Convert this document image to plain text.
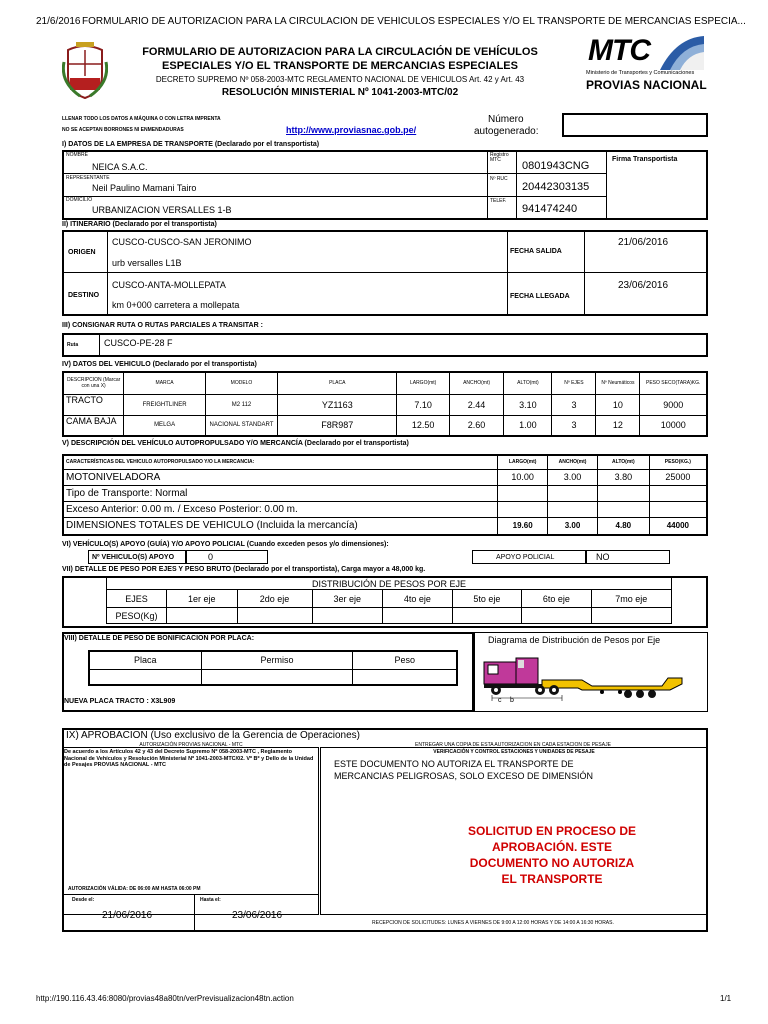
21/6/2016 FORMULARIO DE AUTORIZACION PARA LA CIRCULACIÓN DE VEHÍCULOS ESPECIALES Y/O EL TRANSPORTE DE MERCANCIAS ESPECIA...
FORMULARIO DE AUTORIZACION PARA LA CIRCULACIÓN DE VEHÍCULOS
ESPECIALES Y/O EL TRANSPORTE DE MERCANCIAS ESPECIALES
DECRETO SUPREMO Nº 058-2003-MTC REGLAMENTO NACIONAL DE VEHICULOS Art. 42 y Art. 43
RESOLUCIÓN MINISTERIAL Nº 1041-2003-MTC/02
MTC
Ministerio de Transportes y Comunicaciones
PROVIAS NACIONAL
LLENAR TODO LOS DATOS A MÁQUINA O CON LETRA IMPRENTA
NO SE ACEPTAN BORRONES NI ENMENDADURAS	http://www.proviasnac.gob.pe/
Número
autogenerado:
I) DATOS DE LA EMPRESA DE TRANSPORTE (Declarado por el transportista)
NOMBRE
NEICA S.A.C.
REPRESENTANTE
Neil Paulino Mamani Tairo
DOMICILIO
URBANIZACION VERSALLES 1-B
Registro MTC	0801943CNG
Nº RUC
20442303135
TELEF.
941474240
Firma Transportista
II) ITINERARIO (Declarado por el transportista)
ORIGEN
CUSCO-CUSCO-SAN JERONIMO
urb versalles L1B
FECHA SALIDA
21/06/2016
DESTINO
CUSCO-ANTA-MOLLEPATA
km 0+000 carretera a mollepata
FECHA LLEGADA
23/06/2016
III) CONSIGNAR RUTA O RUTAS PARCIALES A TRANSITAR :
Ruta	CUSCO-PE-28 F
IV) DATOS DEL VEHICULO (Declarado por el transportista)
DESCRIPCION (Marcar con una X)	MARCA	MODELO	PLACA	LARGO(mt)	ANCHO(mt)	ALTO(mt)	Nº EJES	Nº Neumáticos	PESO SECO(TARA)KG.
TRACTO	FREIGHTLINER	M2 112	YZ1163	7.10	2.44	3.10	3	10	9000
CAMA BAJA	MELGA	NACIONAL STANDART	F8R987	12.50	2.60	1.00	3	12	10000
V) DESCRIPCIÓN DEL VEHÍCULO AUTOPROPULSADO Y/O MERCANCÍA (Declarado por el transportista)
CARACTERÍSTICAS DEL VEHICULO AUTOPROPULSADO Y/O LA MERCANCIA:	LARGO(mt)	ANCHO(mt)	ALTO(mt)	PESO(KG.)
MOTONIVELADORA	10.00	3.00	3.80	25000
Tipo de Transporte: Normal				
Exceso Anterior: 0.00 m. / Exceso Posterior: 0.00 m.				
DIMENSIONES TOTALES DE VEHICULO (Incluida la mercancía)	19.60	3.00	4.80	44000
VI) VEHÍCULO(S) APOYO (GUÍA) Y/O APOYO POLICIAL (Cuando exceden pesos y/o dimensiones):
Nº VEHICULO(S) APOYO	0	APOYO POLICIAL	NO
VII) DETALLE DE PESO POR EJES Y PESO BRUTO (Declarado por el transportista), Carga mayor a 48,000 kg.
DISTRIBUCIÓN DE PESOS POR EJE							
EJES	1er eje	2do eje	3er eje	4to eje	5to eje	6to eje	7mo eje
PESO(Kg)							
VIII) DETALLE DE PESO DE BONIFICACION POR PLACA:
Placa	Permiso	Peso

NUEVA PLACA TRACTO : X3L909
Diagrama de Distribución de Pesos por Eje
c b
IX) APROBACION (Uso exclusivo de la Gerencia de Operaciones)
AUTORIZACIÓN PROVIAS NACIONAL - MTC	ENTREGAR UNA COPIA DE ESTA AUTORIZACION EN CADA ESTACION DE PESAJE
De acuerdo a los Artículos 42 y 43 del Decreto Supremo Nº 058-2003-MTC , Reglamento Nacional de Vehículos y Resolución Ministerial Nº 1041-2003-MTC/02. Vº Bº y Dello de la Unidad de Pesajes PROVIAS NACIONAL - MTC
VERIFICACIÓN Y CONTROL ESTACIONES Y UNIDADES DE PESAJE
ESTE DOCUMENTO NO AUTORIZA EL TRANSPORTE DE MERCANCIAS PELIGROSAS, SOLO EXCESO DE DIMENSIÓN
SOLICITUD EN PROCESO DE APROBACIÓN. ESTE DOCUMENTO NO AUTORIZA EL TRANSPORTE
AUTORIZACIÓN VÁLIDA: DE 06:00 AM HASTA 06:00 PM
Desde el:
21/06/2016
Hasta el:
23/06/2016
RECEPCION DE SOLICITUDES: LUNES A VIERNES DE 9:00 A 12:00 HORAS Y DE 14:00 A 16:30 HORAS.
http://190.116.43.46:8080/provias48a80tn/verPrevisualizacion48tn.action	1/1
